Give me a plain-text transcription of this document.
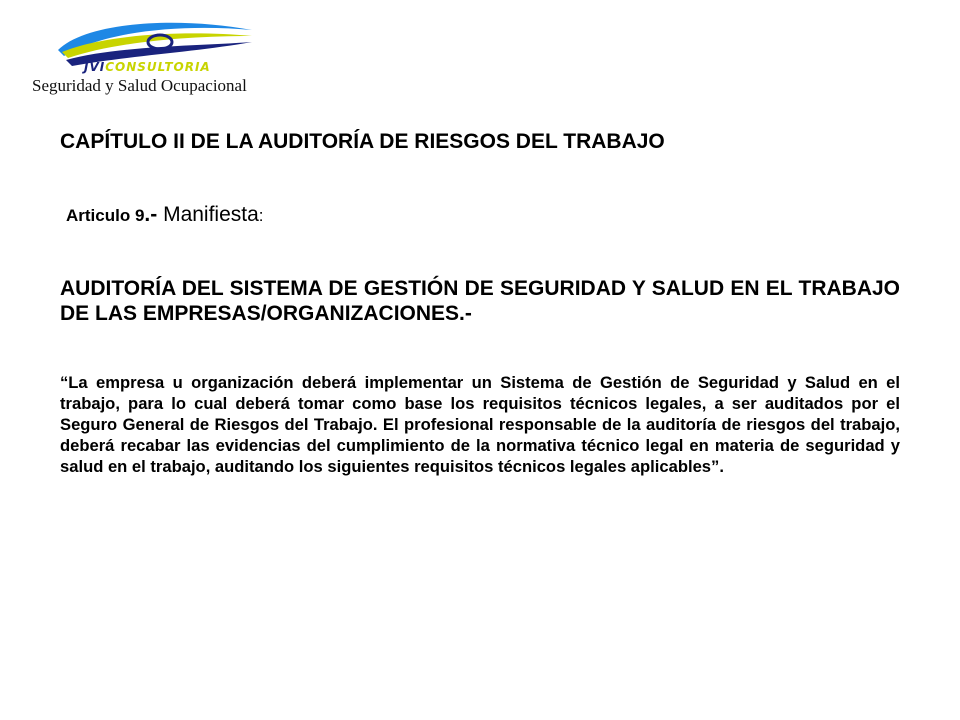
JVICONSULTORIA
Seguridad y Salud Ocupacional
CAPÍTULO II DE LA AUDITORÍA DE RIESGOS DEL TRABAJO
Articulo 9.- Manifiesta:
AUDITORÍA DEL SISTEMA DE GESTIÓN DE SEGURIDAD Y SALUD EN EL TRABAJO DE LAS EMPRESAS/ORGANIZACIONES.-
“La empresa u organización deberá implementar un Sistema de Gestión de Seguridad y Salud en el trabajo, para lo cual deberá tomar como base los requisitos técnicos legales, a ser auditados por el Seguro General de Riesgos del Trabajo. El profesional responsable de la auditoría de riesgos del trabajo, deberá recabar las evidencias del cumplimiento de la normativa técnico legal en materia de seguridad y salud en el trabajo, auditando los siguientes requisitos técnicos legales aplicables”.
